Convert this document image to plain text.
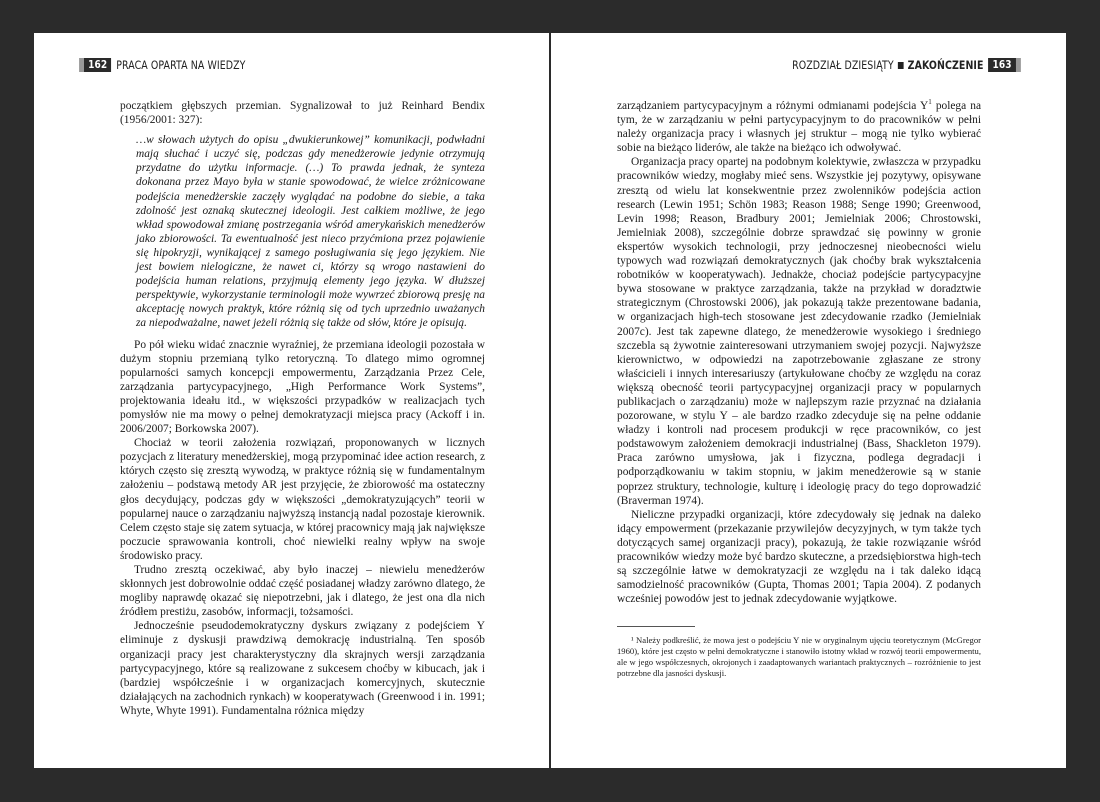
162 PRACA OPARTA NA WIEDZY

początkiem głębszych przemian. Sygnalizował to już Reinhard Bendix (1956/2001: 327):

…w słowach użytych do opisu „dwukierunkowej” komunikacji, podwładni mają słuchać i uczyć się, podczas gdy menedżerowie jedynie otrzymują przydatne do użytku informacje. (…) To prawda jednak, że synteza dokonana przez Mayo była w stanie spowodować, że wielce zróżnicowane podejścia menedżerskie zaczęły wyglądać na podobne do siebie, a taka zdolność jest oznaką skutecznej ideologii. Jest całkiem możliwe, że jego wkład spowodował zmianę postrzegania wśród amerykańskich menedżerów jako zbiorowości. Ta ewentualność jest nieco przyćmiona przez pojawienie się hipokryzji, wynikającej z samego posługiwania się jego językiem. Nie jest bowiem nielogiczne, że nawet ci, którzy są wrogo nastawieni do podejścia human relations, przyjmują elementy jego języka. W dłuższej perspektywie, wykorzystanie terminologii może wywrzeć zbiorową presję na akceptację nowych praktyk, które różnią się od tych uprzednio uważanych za niepodważalne, nawet jeżeli różnią się także od słów, które je opisują.

Po pół wieku widać znacznie wyraźniej, że przemiana ideologii pozostała w dużym stopniu przemianą tylko retoryczną. To dlatego mimo ogromnej popularności samych koncepcji empowermentu, Zarządzania Przez Cele, zarządzania partycypacyjnego, „High Performance Work Systems”, projektowania ideału itd., w większości przypadków w realizacjach tych pomysłów nie ma mowy o pełnej demokratyzacji miejsca pracy (Ackoff i in. 2006/2007; Borkowska 2007).

Chociaż w teorii założenia rozwiązań, proponowanych w licznych pozycjach z literatury menedżerskiej, mogą przypominać idee action research, z których często się zresztą wywodzą, w praktyce różnią się w fundamentalnym założeniu – podstawą metody AR jest przyjęcie, że zbiorowość ma ostateczny głos decydujący, podczas gdy w większości „demokratyzujących” teorii w popularnej nauce o zarządzaniu najwyższą instancją nadal pozostaje kierownik. Celem często staje się zatem sytuacja, w której pracownicy mają jak największe poczucie sprawowania kontroli, choć niewielki realny wpływ na swoje środowisko pracy.

Trudno zresztą oczekiwać, aby było inaczej – niewielu menedżerów skłonnych jest dobrowolnie oddać część posiadanej władzy zarówno dlatego, że mogliby naprawdę okazać się niepotrzebni, jak i dlatego, że jest ona dla nich źródłem prestiżu, zasobów, informacji, tożsamości.

Jednocześnie pseudodemokratyczny dyskurs związany z podejściem Y eliminuje z dyskusji prawdziwą demokrację industrialną. Ten sposób organizacji pracy jest charakterystyczny dla skrajnych wersji zarządzania partycypacyjnego, które są realizowane z sukcesem choćby w kibucach, jak i (bardziej współcześnie i w organizacjach komercyjnych, skutecznie działających na zachodnich rynkach) w kooperatywach (Greenwood i in. 1991; Whyte, Whyte 1991). Fundamentalna różnica między

ROZDZIAŁ DZIESIĄTY ZAKOŃCZENIE 163

zarządzaniem partycypacyjnym a różnymi odmianami podejścia $Y^1$ polega na tym, że w zarządzaniu w pełni partycypacyjnym to do pracowników w pełni należy organizacja pracy i własnych jej struktur – mogą nie tylko wybierać sobie na bieżąco liderów, ale także na bieżąco ich odwoływać.

Organizacja pracy opartej na podobnym kolektywie, zwłaszcza w przypadku pracowników wiedzy, mogłaby mieć sens. Wszystkie jej pozytywy, opisywane zresztą od wielu lat konsekwentnie przez zwolenników podejścia action research (Lewin 1951; Schön 1983; Reason 1988; Senge 1990; Greenwood, Levin 1998; Reason, Bradbury 2001; Jemielniak 2006; Chrostowski, Jemielniak 2008), szczególnie dobrze sprawdzać się powinny w gronie ekspertów wysokich technologii, przy jednoczesnej nieobecności wielu typowych wad rozwiązań demokratycznych (jak choćby brak wykształcenia robotników w kooperatywach). Jednakże, chociaż podejście partycypacyjne bywa stosowane w praktyce zarządzania, także na przykład w doradztwie strategicznym (Chrostowski 2006), jak pokazują także prezentowane badania, w organizacjach high-tech stosowane jest zdecydowanie rzadko (Jemielniak 2007c). Jest tak zapewne dlatego, że menedżerowie wysokiego i średniego szczebla są żywotnie zainteresowani utrzymaniem swojej pozycji. Najwyższe kierownictwo, w odpowiedzi na zapotrzebowanie zgłaszane ze strony właścicieli i innych interesariuszy (artykułowane choćby ze względu na coraz większą obecność teorii partycypacyjnej organizacji pracy w popularnych publikacjach o zarządzaniu) może w najlepszym razie przyznać na działania pozorowane, w stylu Y – ale bardzo rzadko zdecyduje się na pełne oddanie władzy i kontroli nad procesem produkcji w ręce pracowników, co jest podstawowym założeniem demokracji industrialnej (Bass, Shackleton 1979). Praca zarówno umysłowa, jak i fizyczna, podlega degradacji i podporządkowaniu w takim stopniu, w jakim menedżerowie są w stanie poprzez struktury, technologie, kulturę i ideologię pracy do tego doprowadzić (Braverman 1974).

Nieliczne przypadki organizacji, które zdecydowały się jednak na daleko idący empowerment (przekazanie przywilejów decyzyjnych, w tym także tych dotyczących samej organizacji pracy), pokazują, że takie rozwiązanie wśród pracowników wiedzy może być bardzo skuteczne, a przedsiębiorstwa high-tech są szczególnie łatwe w demokratyzacji ze względu na i tak daleko idącą samodzielność pracowników (Gupta, Thomas 2001; Tapia 2004). Z podanych wcześniej powodów jest to jednak zdecydowanie wyjątkowe.

¹ Należy podkreślić, że mowa jest o podejściu Y nie w oryginalnym ujęciu teoretycznym (McGregor 1960), które jest często w pełni demokratyczne i stanowiło istotny wkład w rozwój teorii empowermentu, ale w jego współczesnych, okrojonych i zaadaptowanych wariantach praktycznych – rozróżnienie to jest potrzebne dla jasności dyskusji.
